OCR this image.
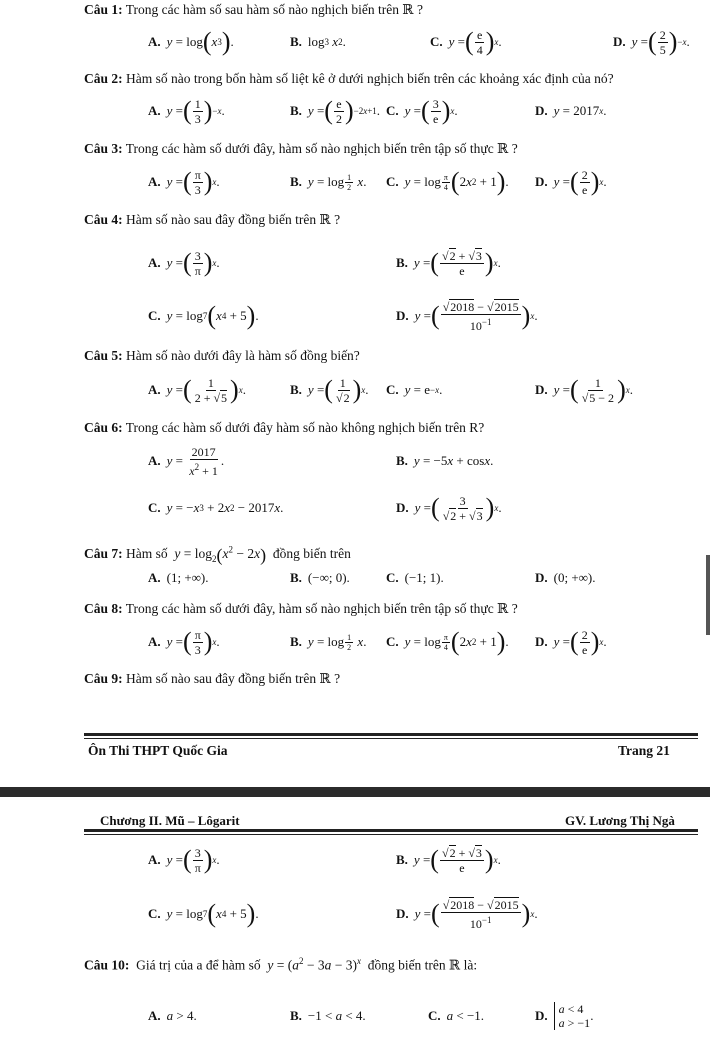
Câu 1: Trong các hàm số sau hàm số nào nghịch biến trên ℝ ?
A. y = log ( x 3 ) .	B. log 3
x 2 .	C. y = ( $\frac{e}{4}$ ) x .	D. y = ( $\frac{2}{5}$ ) −x .
Câu 2: Hàm số nào trong bốn hàm số liệt kê ở dưới nghịch biến trên các khoảng xác định của nó?
A. y = ( $\frac{1}{3}$ ) −x .	B. y = ( $\frac{e}{2}$ ) −2x+1 . C. y = ( $\frac{3}{e}$ ) x .	D. y = 2017 x .
Câu 3: Trong các hàm số dưới đây, hàm số nào nghịch biến trên tập số thực ℝ ?
A. y = ( $\frac{\pi}{3}$ ) x .	B. $y = \log \frac{1}{2}$
x . C. $y = \log \frac{\pi}{4}$ ( 2 x 2 + 1 ) . D. y = ( $\frac{2}{e}$ ) x .
Câu 4: Hàm số nào sau đây đồng biến trên ℝ ?
A. y = ( $\frac{3}{\pi}$ ) x .	B. y = ( $\frac{√2 + √3}{e}$ ) x .
C. y = log 7 ( x 4 + 5 ) .	D. y = ( $\frac{√2018 - √2015}{10^{-1}}$ ) x .
Câu 5: Hàm số nào dưới đây là hàm số đồng biến?
A. y = ( $\frac{1}{2 + √5}$ ) x .	B. y = ( $\frac{1}{√2}$ ) x . C. y = e −x .	D. y = ( $\frac{1}{√5 - 2}$ ) x .
Câu 6: Trong các hàm số dưới đây hàm số nào không nghịch biến trên R?
A. $y = \frac{2017}{x^2 + 1}$ .	B. y = −5 x + cos x .
C. y = − x 3 + 2 x 2 − 2017 x .	D. y = ( $\frac{3}{√2 + √3}$ ) x .
Câu 7: Hàm số $y = \log_2(x^2 - 2x)$ đồng biến trên
A. (1; +∞).	B. (−∞; 0).	C. (−1; 1).	D. (0; +∞).
Câu 8: Trong các hàm số dưới đây, hàm số nào nghịch biến trên tập số thực ℝ ?
A. y = ( $\frac{\pi}{3}$ ) x .	B. $y = \log \frac{1}{2}$
x . C. $y = \log \frac{\pi}{4}$ ( 2 x 2 + 1 ) . D. y = ( $\frac{2}{e}$ ) x .
Câu 9: Hàm số nào sau đây đồng biến trên ℝ ?
Ôn Thi THPT Quốc Gia	Trang 21
Chương II. Mũ – Lôgarit	GV. Lương Thị Ngà
A. y = ( $\frac{3}{\pi}$ ) x .	B. y = ( $\frac{√2 + √3}{e}$ ) x .
C. y = log 7 ( x 4 + 5 ) .	D. y = ( $\frac{√2018 - √2015}{10^{-1}}$ ) x .
Câu 10: Giá trị của a để hàm số $y = (a^2 - 3a - 3)^x$ đồng biến trên ℝ là:
A. a > 4.	B. −1 < a < 4.	C. a < −1.	D. a < 4
a > −1 .
